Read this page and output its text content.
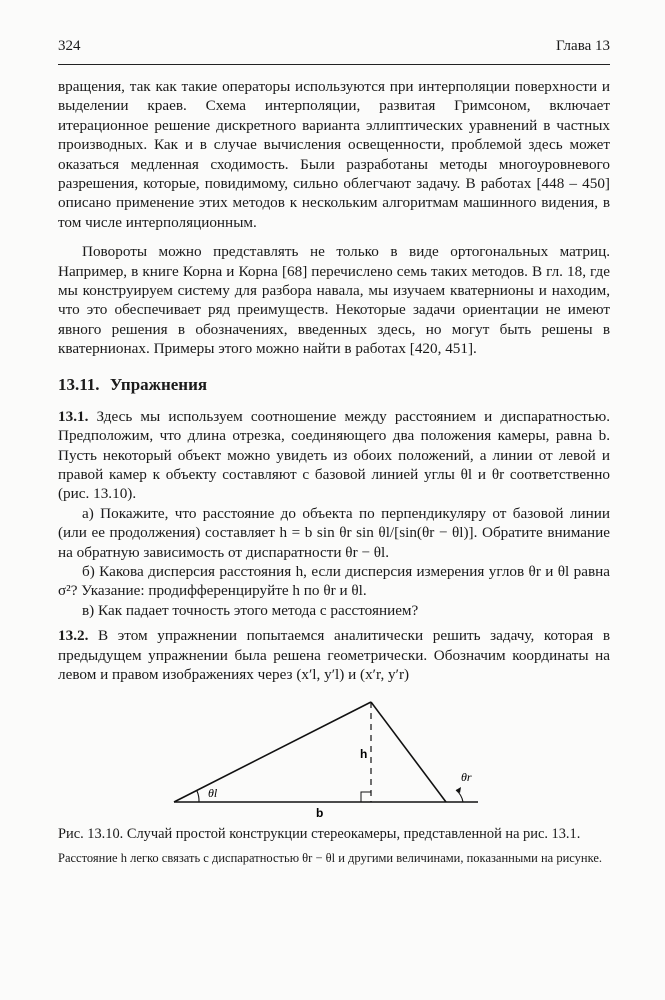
324	Глава 13

вращения, так как такие операторы используются при интерполяции поверхности и выделении краев. Схема интерполяции, развитая Гримсоном, включает итерационное решение дискретного варианта эллиптических уравнений в частных производных. Как и в случае вычисления освещенности, проблемой здесь может оказаться медленная сходимость. Были разработаны методы многоуровневого разрешения, которые, повидимому, сильно облегчают задачу. В работах [448 – 450] описано применение этих методов к нескольким алгоритмам машинного видения, в том числе интерполяционным.

Повороты можно представлять не только в виде ортогональных матриц. Например, в книге Корна и Корна [68] перечислено семь таких методов. В гл. 18, где мы конструируем систему для разбора навала, мы изучаем кватернионы и находим, что это обеспечивает ряд преимуществ. Некоторые задачи ориентации не имеют явного решения в обозначениях, введенных здесь, но могут быть решены в кватернионах. Примеры этого можно найти в работах [420, 451].

13.11. Упражнения

13.1. Здесь мы используем соотношение между расстоянием и диспаратностью. Предположим, что длина отрезка, соединяющего два положения камеры, равна b. Пусть некоторый объект можно увидеть из обоих положений, а линии от левой и правой камер к объекту составляют с базовой линией углы θl и θr соответственно (рис. 13.10).

а) Покажите, что расстояние до объекта по перпендикуляру от базовой линии (или ее продолжения) составляет h = b sin θr sin θl/[sin(θr − θl)]. Обратите внимание на обратную зависимость от диспаратности θr − θl.

б) Какова дисперсия расстояния h, если дисперсия измерения углов θr и θl равна σ²? Указание: продифференцируйте h по θr и θl.

в) Как падает точность этого метода с расстоянием?

13.2. В этом упражнении попытаемся аналитически решить задачу, которая в предыдущем упражнении была решена геометрически. Обозначим координаты на левом и правом изображениях через (x′l, y′l) и (x′r, y′r)

θl
θr
h
b

Рис. 13.10. Случай простой конструкции стереокамеры, представленной на рис. 13.1.

Расстояние h легко связать с диспаратностью θr − θl и другими величинами, показанными на рисунке.
